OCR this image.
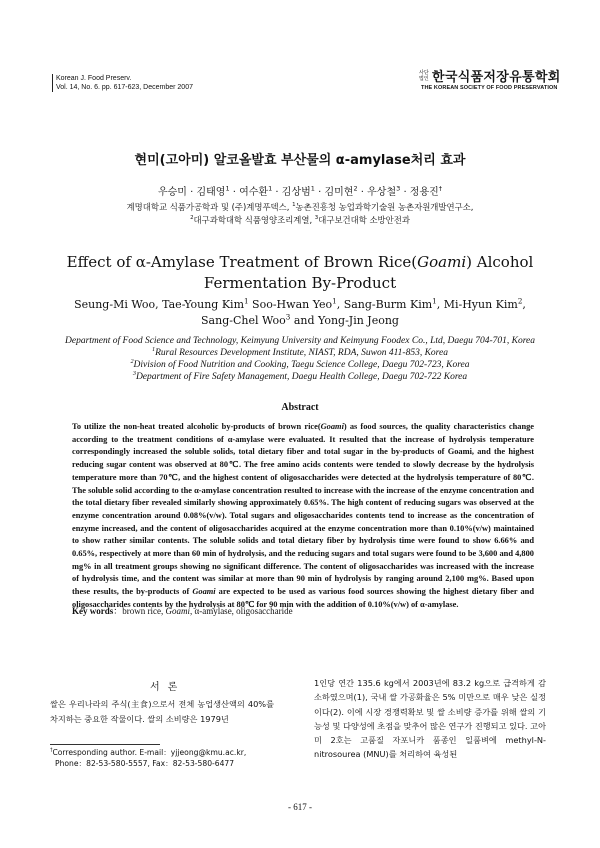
Korean J. Food Preserv.
Vol. 14, No. 6. pp. 617-623, December 2007
사단법인 한국식품저장유통학회
THE KOREAN SOCIETY OF FOOD PRESERVATION
현미(고아미) 알코올발효 부산물의 α-amylase처리 효과
우승미 · 김태영$^1$ · 여수환$^1$ · 김상범$^1$ · 김미현$^2$ · 우상철$^3$ · 정용진†
계명대학교 식품가공학과 및 (주)계명푸덱스, $^1$농촌진흥청 농업과학기술원 농촌자원개발연구소,
$^2$대구과학대학 식품영양조리계열, $^3$대구보건대학 소방안전과
Effect of α-Amylase Treatment of Brown Rice(Goami) Alcohol
Fermentation By-Product
Seung-Mi Woo, Tae-Young Kim$^1$ Soo-Hwan Yeo$^1$, Sang-Burm Kim$^1$, Mi-Hyun Kim$^2$,
Sang-Chel Woo$^3$ and Yong-Jin Jeong
Department of Food Science and Technology, Keimyung University and Keimyung Foodex Co., Ltd, Daegu 704-701, Korea
$^1$Rural Resources Development Institute, NIAST, RDA, Suwon 411-853, Korea
$^2$Division of Food Nutrition and Cooking, Taegu Science College, Daegu 702-723, Korea
$^3$Department of Fire Safety Management, Daegu Health College, Daegu 702-722 Korea
Abstract
To utilize the non-heat treated alcoholic by-products of brown rice(Goami) as food sources, the quality characteristics change according to the treatment conditions of α-amylase were evaluated. It resulted that the increase of hydrolysis temperature correspondingly increased the soluble solids, total dietary fiber and total sugar in the by-products of Goami, and the highest reducing sugar content was observed at 80℃. The free amino acids contents were tended to slowly decrease by the hydrolysis temperature more than 70℃, and the highest content of oligosaccharides were detected at the hydrolysis temperature of 80℃. The soluble solid according to the α-amylase concentration resulted to increase with the increase of the enzyme concentration and the total dietary fiber revealed similarly showing approximately 0.65%. The high content of reducing sugars was observed at the enzyme concentration around 0.08%(v/w). Total sugars and oligosaccharides contents tend to increase as the concentration of enzyme increased, and the content of oligosaccharides acquired at the enzyme concentration more than 0.10%(v/w) maintained to show rather similar contents. The soluble solids and total dietary fiber by hydrolysis time were found to show 6.66% and 0.65%, respectively at more than 60 min of hydrolysis, and the reducing sugars and total sugars were found to be 3,600 and 4,800 mg% in all treatment groups showing no significant difference. The content of oligosaccharides was increased with the increase of hydrolysis time, and the content was similar at more than 90 min of hydrolysis by ranging around 2,100 mg%. Based upon these results, the by-products of Goami are expected to be used as various food sources showing the highest dietary fiber and oligosaccharides contents by the hydrolysis at 80℃ for 90 min with the addition of 0.10%(v/w) of α-amylase.
Key words：brown rice, Goami, α-amylase, oligosaccharide
서론
쌀은 우리나라의 주식(主食)으로서 전체 농업생산액의 40%를 차지하는 중요한 작물이다. 쌀의 소비량은 1979년
1인당 연간 135.6 kg에서 2003년에 83.2 kg으로 급격하게 감소하였으며(1), 국내 쌀 가공화율은 5% 미만으로 매우 낮은 실정이다(2). 이에 시장 경쟁력확보 및 쌀 소비량 증가를 위해 쌀의 기능성 및 다양성에 초점을 맞추어 많은 연구가 진행되고 있다. 고아미 2호는 고품질 자포니카 품종인 일품벼에 methyl-N-nitrosourea (MNU)를 처리하여 육성된
†Corresponding author. E-mail：yjjeong@kmu.ac.kr,
Phone：82-53-580-5557, Fax：82-53-580-6477
- 617 -
